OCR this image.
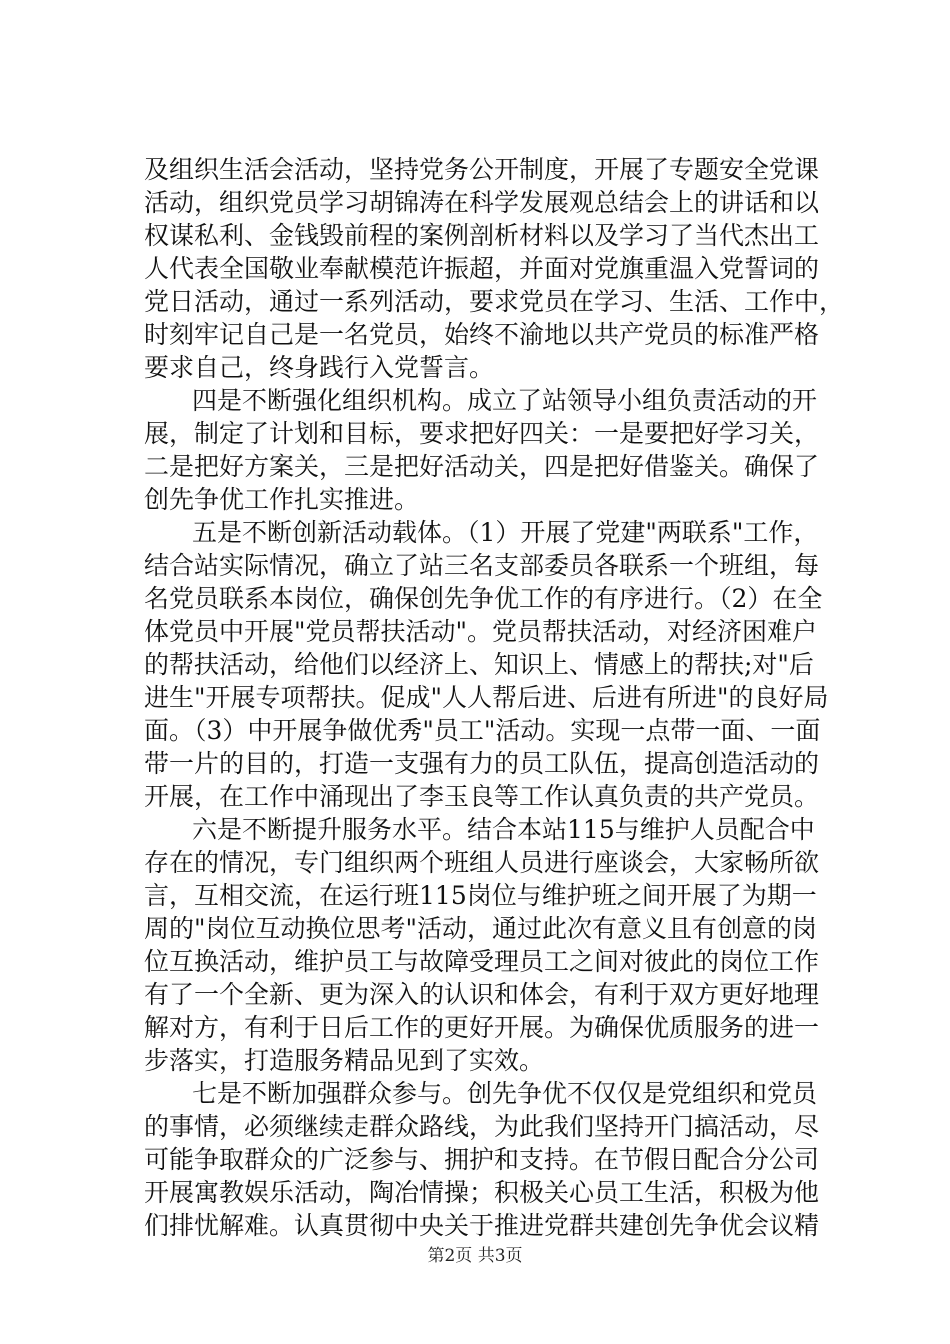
及组织生活会活动，坚持党务公开制度，开展了专题安全党课
活动，组织党员学习胡锦涛在科学发展观总结会上的讲话和以
权谋私利、金钱毁前程的案例剖析材料以及学习了当代杰出工
人代表全国敬业奉献模范许振超，并面对党旗重温入党誓词的
党日活动，通过一系列活动，要求党员在学习、生活、工作中，
时刻牢记自己是一名党员，始终不渝地以共产党员的标准严格
要求自己，终身践行入党誓言。
四是不断强化组织机构。成立了站领导小组负责活动的开
展，制定了计划和目标，要求把好四关：一是要把好学习关，
二是把好方案关，三是把好活动关，四是把好借鉴关。确保了
创先争优工作扎实推进。
五是不断创新活动载体。（1）开展了党建"两联系"工作，
结合站实际情况，确立了站三名支部委员各联系一个班组，每
名党员联系本岗位，确保创先争优工作的有序进行。（2）在全
体党员中开展"党员帮扶活动"。党员帮扶活动，对经济困难户
的帮扶活动，给他们以经济上、知识上、情感上的帮扶;对"后
进生"开展专项帮扶。促成"人人帮后进、后进有所进"的良好局
面。（3）中开展争做优秀"员工"活动。实现一点带一面、一面
带一片的目的，打造一支强有力的员工队伍，提高创造活动的
开展，在工作中涌现出了李玉良等工作认真负责的共产党员。
六是不断提升服务水平。结合本站115与维护人员配合中
存在的情况，专门组织两个班组人员进行座谈会，大家畅所欲
言，互相交流，在运行班115岗位与维护班之间开展了为期一
周的"岗位互动换位思考"活动，通过此次有意义且有创意的岗
位互换活动，维护员工与故障受理员工之间对彼此的岗位工作
有了一个全新、更为深入的认识和体会，有利于双方更好地理
解对方，有利于日后工作的更好开展。为确保优质服务的进一
步落实，打造服务精品见到了实效。
七是不断加强群众参与。创先争优不仅仅是党组织和党员
的事情，必须继续走群众路线，为此我们坚持开门搞活动，尽
可能争取群众的广泛参与、拥护和支持。在节假日配合分公司
开展寓教娱乐活动，陶冶情操；积极关心员工生活，积极为他
们排忧解难。认真贯彻中央关于推进党群共建创先争优会议精
第2页 共3页
